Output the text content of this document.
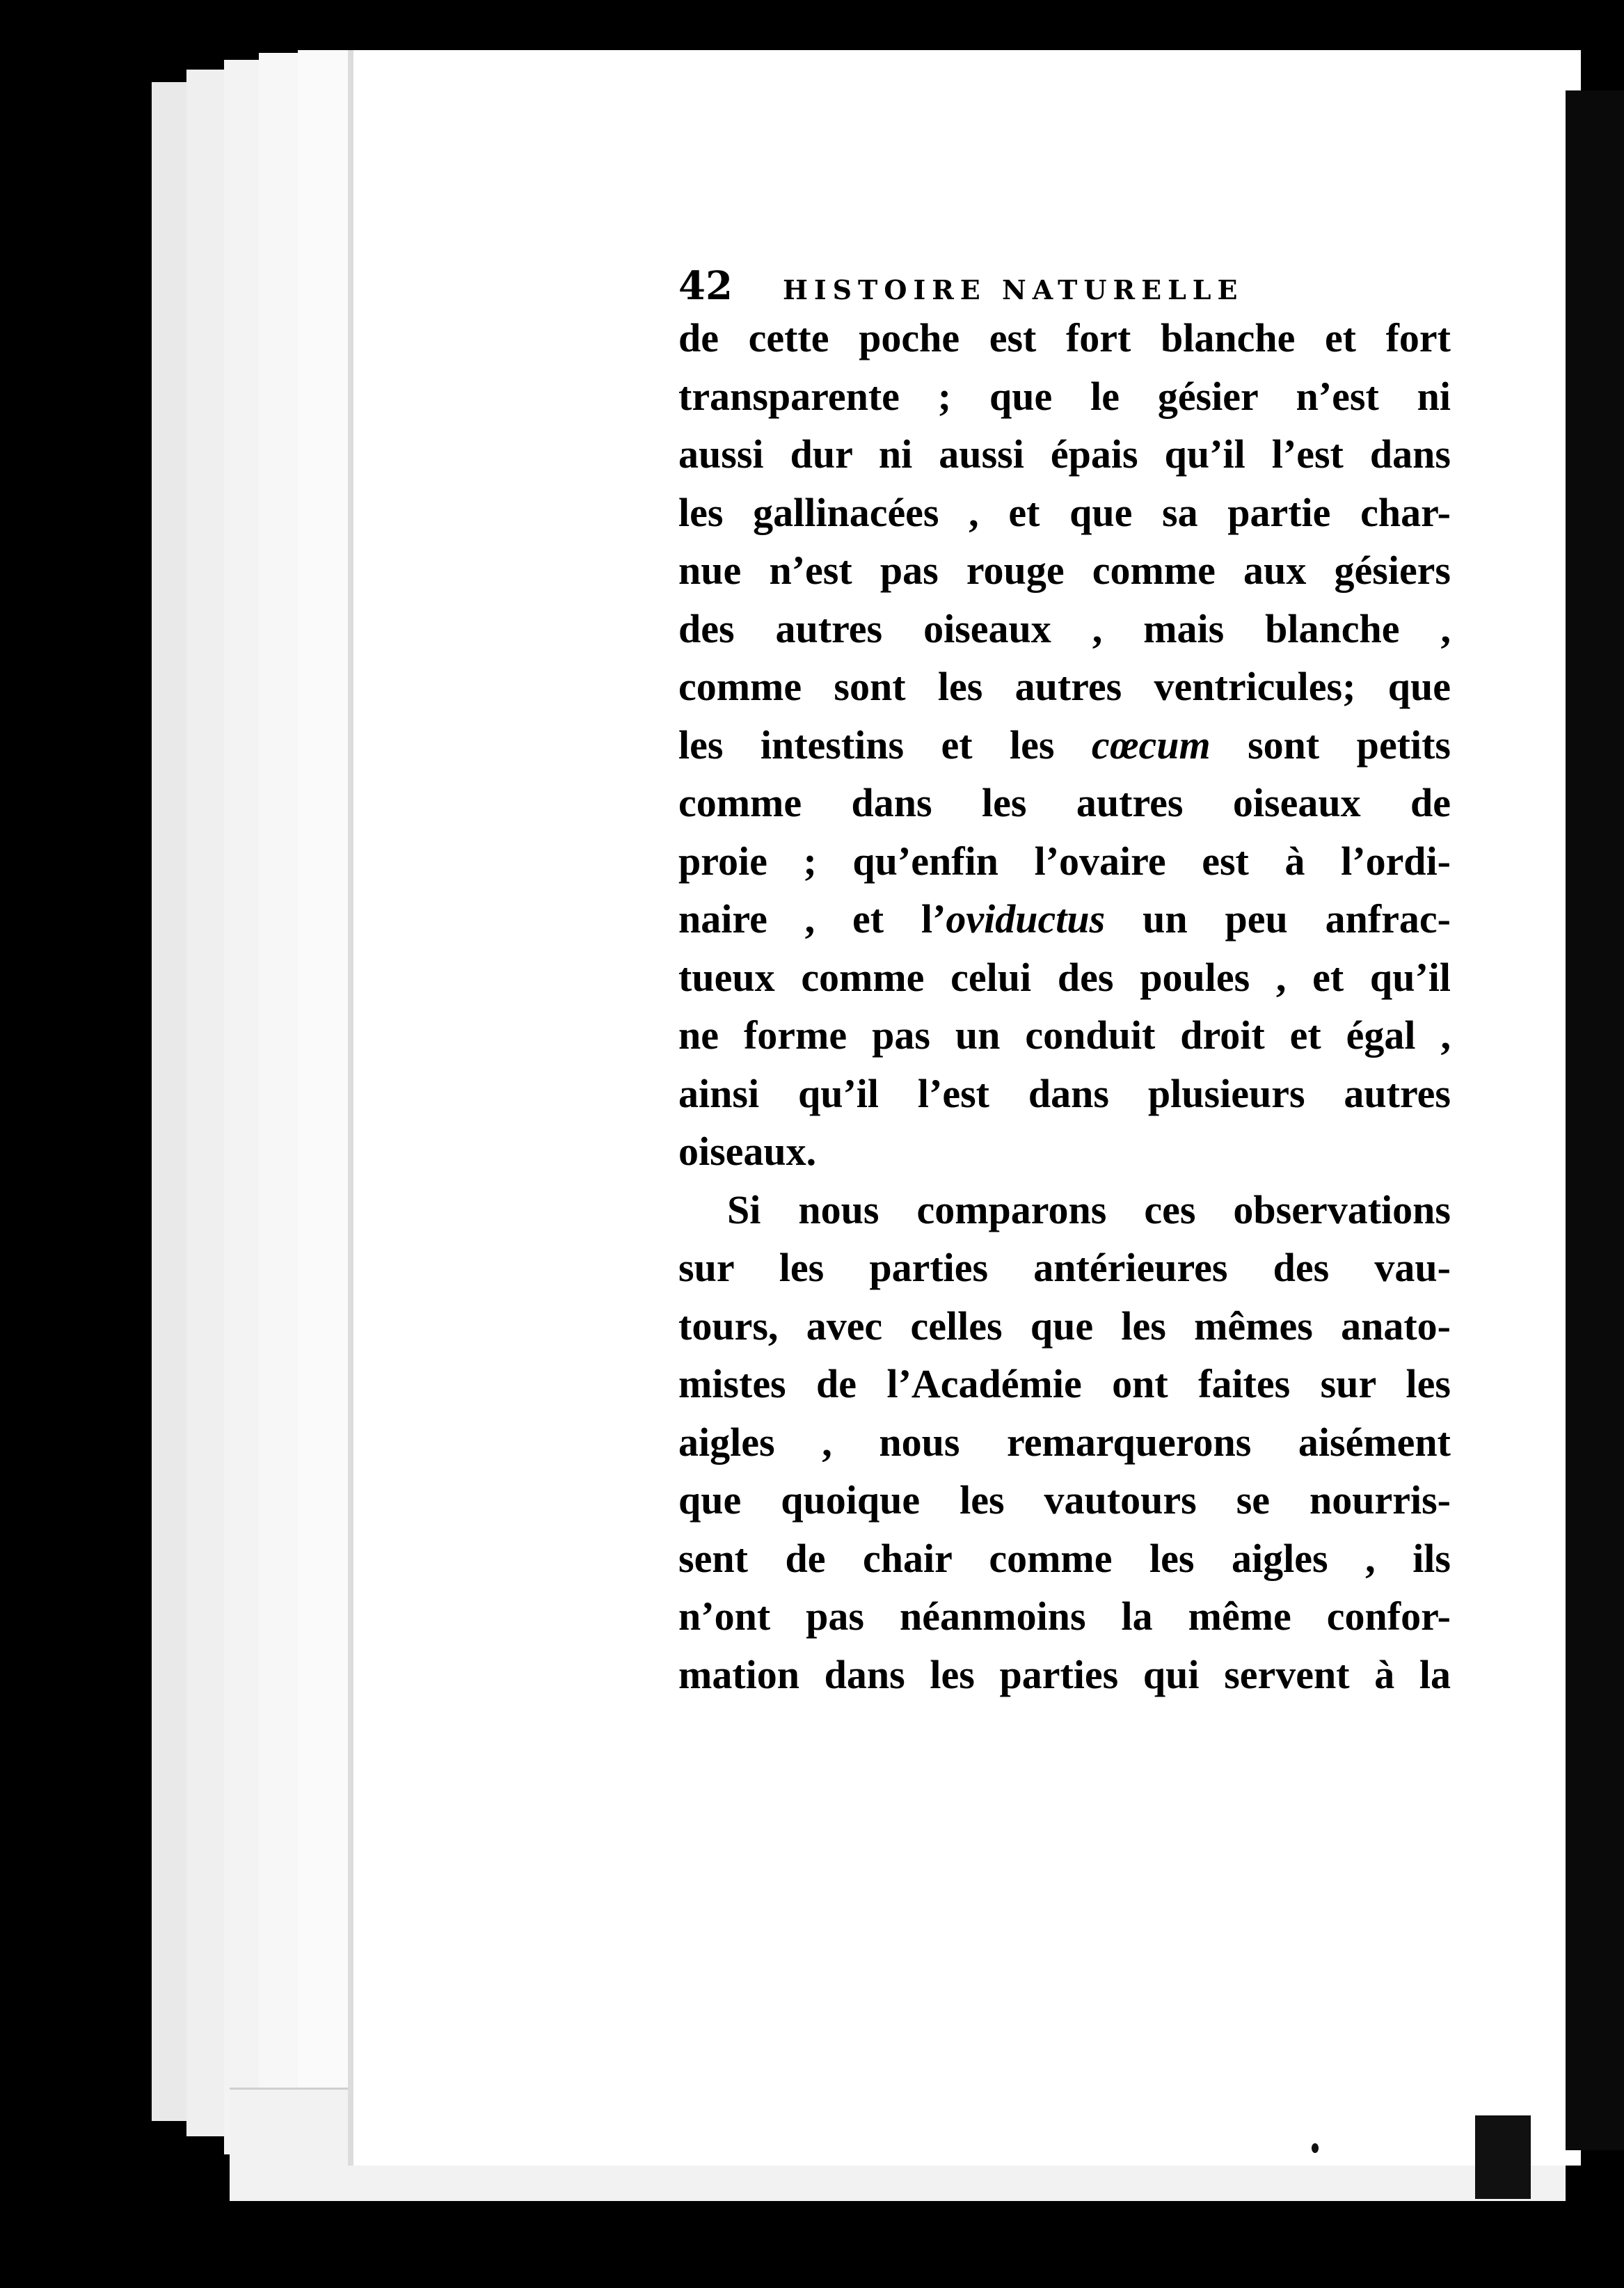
42 HISTOIRE NATURELLE
de cette poche est fort blanche et fort
transparente ; que le gésier n’est ni
aussi dur ni aussi épais qu’il l’est dans
les gallinacées , et que sa partie char-
nue n’est pas rouge comme aux gésiers
des autres oiseaux , mais blanche ,
comme sont les autres ventricules; que
les intestins et les cœcum sont petits
comme dans les autres oiseaux de
proie ; qu’enfin l’ovaire est à l’ordi-
naire , et l’oviductus un peu anfrac-
tueux comme celui des poules , et qu’il
ne forme pas un conduit droit et égal ,
ainsi qu’il l’est dans plusieurs autres
oiseaux.
Si nous comparons ces observations
sur les parties antérieures des vau-
tours, avec celles que les mêmes anato-
mistes de l’Académie ont faites sur les
aigles , nous remarquerons aisément
que quoique les vautours se nourris-
sent de chair comme les aigles , ils
n’ont pas néanmoins la même confor-
mation dans les parties qui servent à la
